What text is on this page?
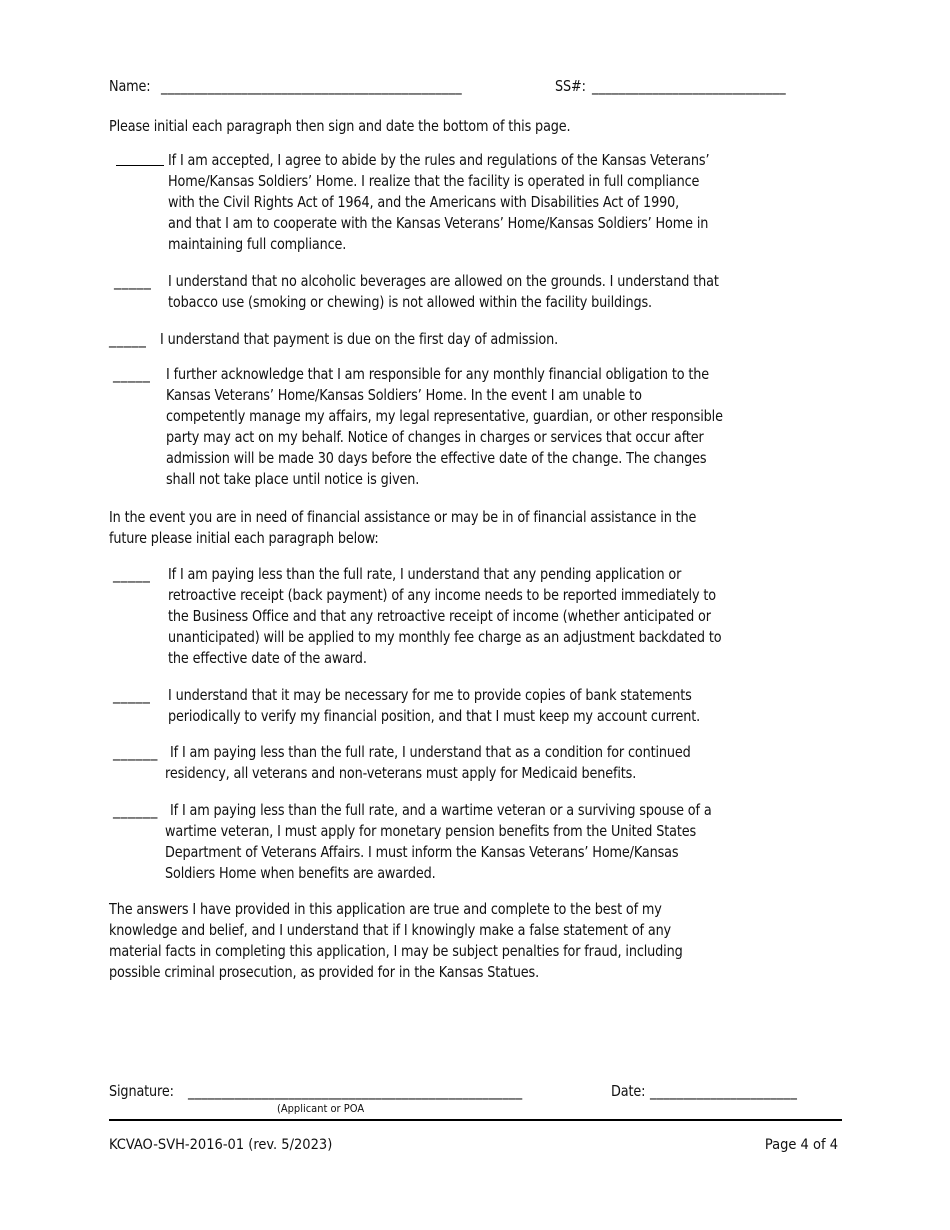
Name: _____________________________________________	SS#: _____________________________
Please initial each paragraph then sign and date the bottom of this page.
If I am accepted, I agree to abide by the rules and regulations of the Kansas Veterans’
Home/Kansas Soldiers’ Home. I realize that the facility is operated in full compliance
with the Civil Rights Act of 1964, and the Americans with Disabilities Act of 1990,
and that I am to cooperate with the Kansas Veterans’ Home/Kansas Soldiers’ Home in
maintaining full compliance.
_____ I understand that no alcoholic beverages are allowed on the grounds. I understand that
tobacco use (smoking or chewing) is not allowed within the facility buildings.
_____ I understand that payment is due on the first day of admission.
_____ I further acknowledge that I am responsible for any monthly financial obligation to the
Kansas Veterans’ Home/Kansas Soldiers’ Home. In the event I am unable to
competently manage my affairs, my legal representative, guardian, or other responsible
party may act on my behalf. Notice of changes in charges or services that occur after
admission will be made 30 days before the effective date of the change. The changes
shall not take place until notice is given.
In the event you are in need of financial assistance or may be in of financial assistance in the
future please initial each paragraph below:
_____ If I am paying less than the full rate, I understand that any pending application or
retroactive receipt (back payment) of any income needs to be reported immediately to
the Business Office and that any retroactive receipt of income (whether anticipated or
unanticipated) will be applied to my monthly fee charge as an adjustment backdated to
the effective date of the award.
_____ I understand that it may be necessary for me to provide copies of bank statements
periodically to verify my financial position, and that I must keep my account current.
______ If I am paying less than the full rate, I understand that as a condition for continued
residency, all veterans and non-veterans must apply for Medicaid benefits.
______ If I am paying less than the full rate, and a wartime veteran or a surviving spouse of a
wartime veteran, I must apply for monetary pension benefits from the United States
Department of Veterans Affairs. I must inform the Kansas Veterans’ Home/Kansas
Soldiers Home when benefits are awarded.
The answers I have provided in this application are true and complete to the best of my
knowledge and belief, and I understand that if I knowingly make a false statement of any
material facts in completing this application, I may be subject penalties for fraud, including
possible criminal prosecution, as provided for in the Kansas Statues.
Signature: __________________________________________________	Date: ______________________
(Applicant or POA
KCVAO-SVH-2016-01 (rev. 5/2023)	Page 4 of 4
